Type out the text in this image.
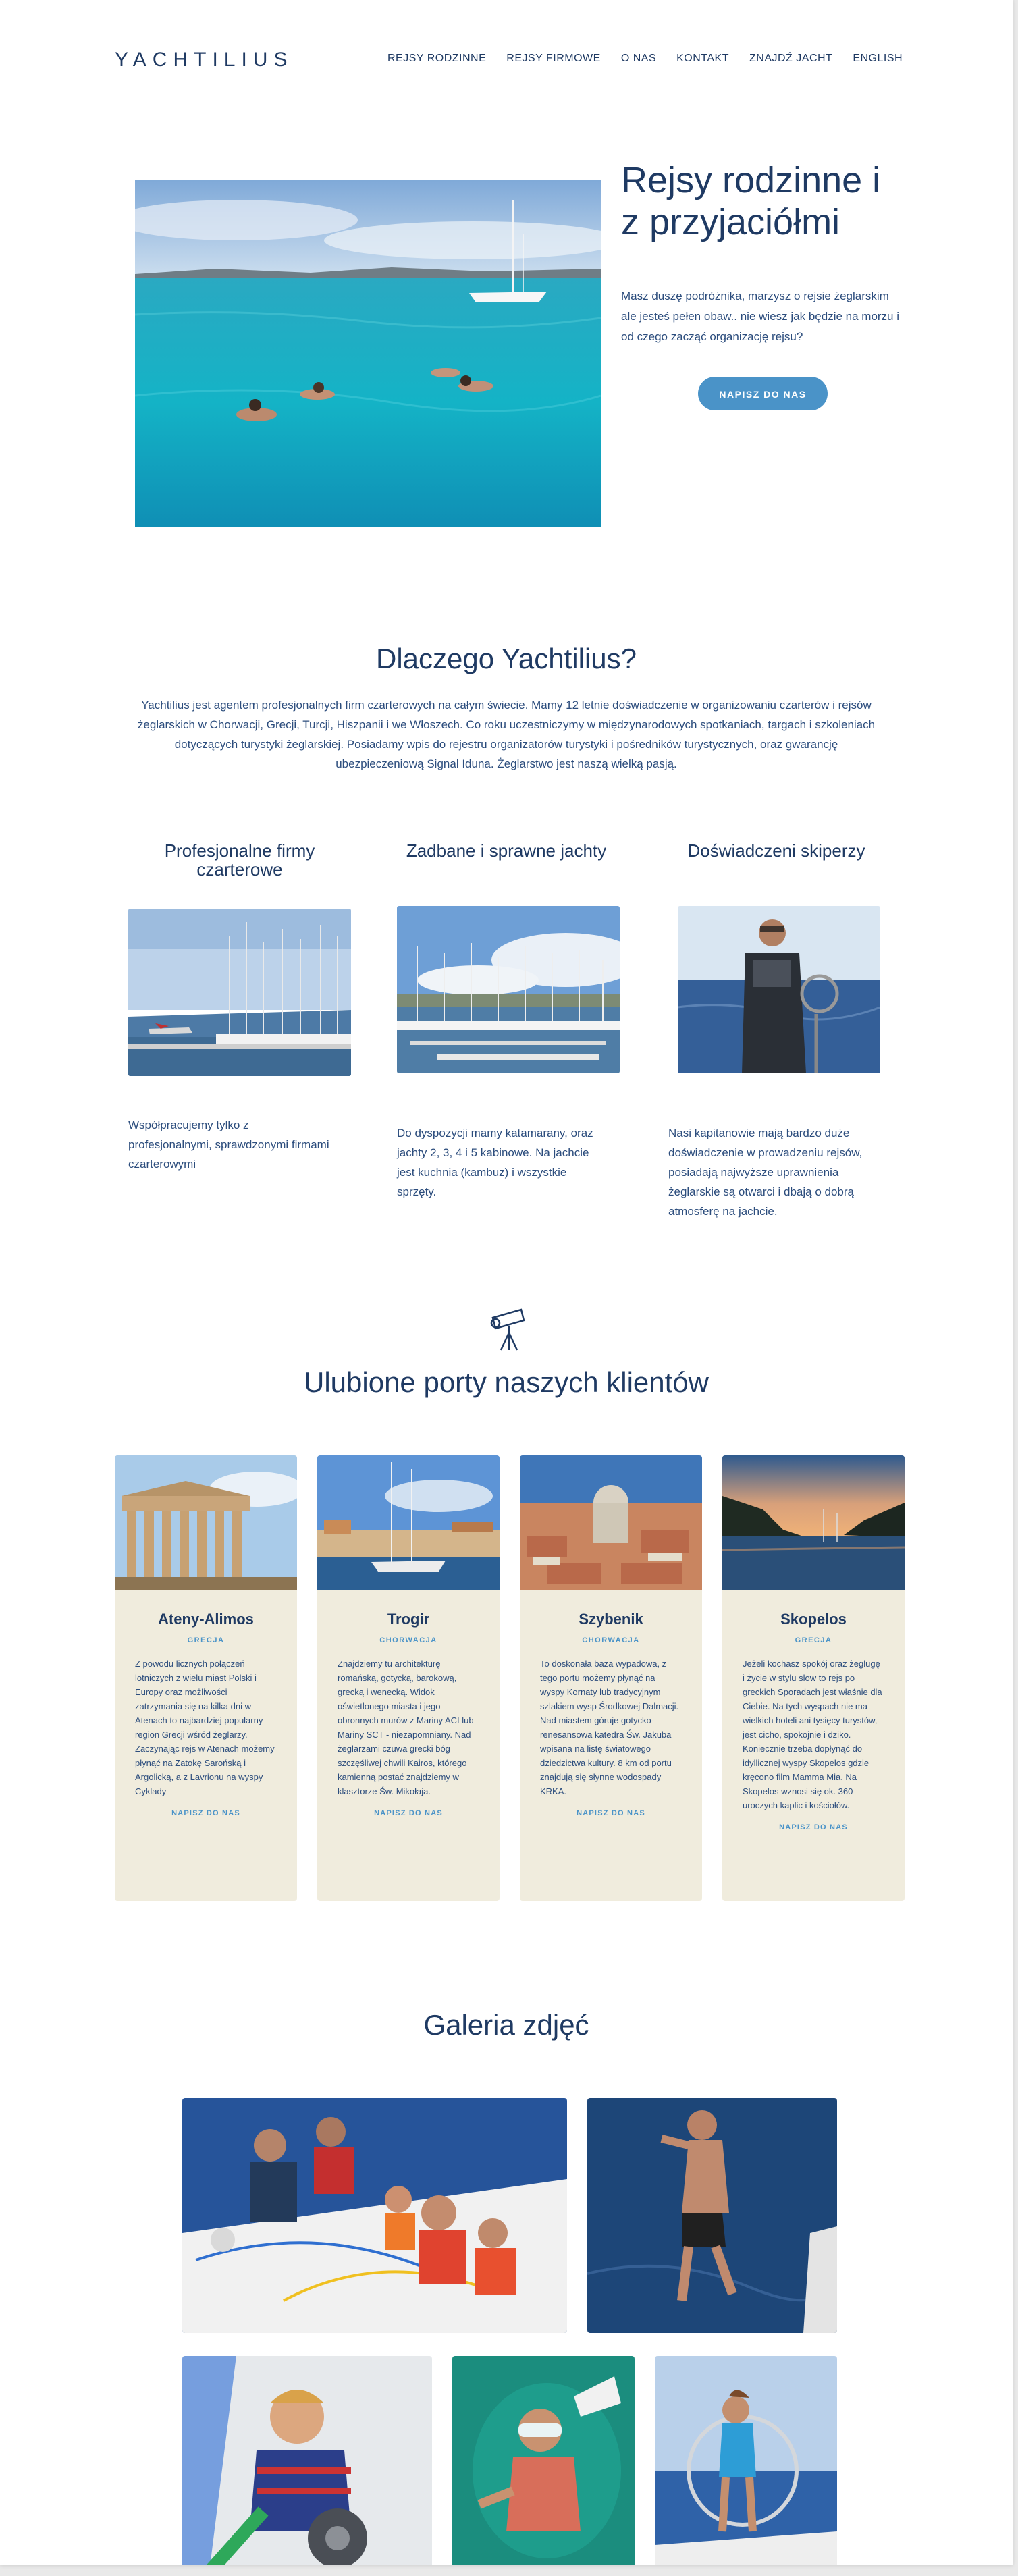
YACHTILIUS	REJSY RODZINNE REJSY FIRMOWE O NAS KONTAKT ZNAJDŹ JACHT ENGLISH
Rejsy rodzinne i z przyjaciółmi
Masz duszę podróżnika, marzysz o rejsie żeglarskim ale jesteś pełen obaw.. nie wiesz jak będzie na morzu i od czego zacząć organizację rejsu?
NAPISZ DO NAS
Dlaczego Yachtilius?
Yachtilius jest agentem profesjonalnych firm czarterowych na całym świecie. Mamy 12 letnie doświadczenie w organizowaniu czarterów i rejsów żeglarskich w Chorwacji, Grecji, Turcji, Hiszpanii i we Włoszech. Co roku uczestniczymy w międzynarodowych spotkaniach, targach i szkoleniach dotyczących turystyki żeglarskiej. Posiadamy wpis do rejestru organizatorów turystyki i pośredników turystycznych, oraz gwarancję ubezpieczeniową Signal Iduna. Żeglarstwo jest naszą wielką pasją.
Profesjonalne firmy czarterowe
Współpracujemy tylko z profesjonalnymi, sprawdzonymi firmami czarterowymi
Zadbane i sprawne jachty
Do dyspozycji mamy katamarany, oraz jachty 2, 3, 4 i 5 kabinowe. Na jachcie jest kuchnia (kambuz) i wszystkie sprzęty.
Doświadczeni skiperzy
Nasi kapitanowie mają bardzo duże doświadczenie w prowadzeniu rejsów, posiadają najwyższe uprawnienia żeglarskie są otwarci i dbają o dobrą atmosferę na jachcie.
Ulubione porty naszych klientów
Ateny-Alimos
GRECJA
Z powodu licznych połączeń lotniczych z wielu miast Polski i Europy oraz możliwości zatrzymania się na kilka dni w Atenach to najbardziej popularny region Grecji wśród żeglarzy. Zaczynając rejs w Atenach możemy płynąć na Zatokę Sarońską i Argolicką, a z Lavrionu na wyspy Cyklady
NAPISZ DO NAS
Trogir
CHORWACJA
Znajdziemy tu architekturę romańską, gotycką, barokową, grecką i wenecką. Widok oświetlonego miasta i jego obronnych murów z Mariny ACI lub Mariny SCT - niezapomniany. Nad żeglarzami czuwa grecki bóg szczęśliwej chwili Kairos, którego kamienną postać znajdziemy w klasztorze Św. Mikołaja.
NAPISZ DO NAS
Szybenik
CHORWACJA
To doskonała baza wypadowa, z tego portu możemy płynąć na wyspy Kornaty lub tradycyjnym szlakiem wysp Środkowej Dalmacji. Nad miastem góruje gotycko-renesansowa katedra Św. Jakuba wpisana na listę światowego dziedzictwa kultury. 8 km od portu znajdują się słynne wodospady KRKA.
NAPISZ DO NAS
Skopelos
GRECJA
Jeżeli kochasz spokój oraz żeglugę i życie w stylu slow to rejs po greckich Sporadach jest właśnie dla Ciebie. Na tych wyspach nie ma wielkich hoteli ani tysięcy turystów, jest cicho, spokojnie i dziko. Koniecznie trzeba dopłynąć do idyllicznej wyspy Skopelos gdzie kręcono film Mamma Mia. Na Skopelos wznosi się ok. 360 uroczych kaplic i kościołów.
NAPISZ DO NAS
Galeria zdjęć
